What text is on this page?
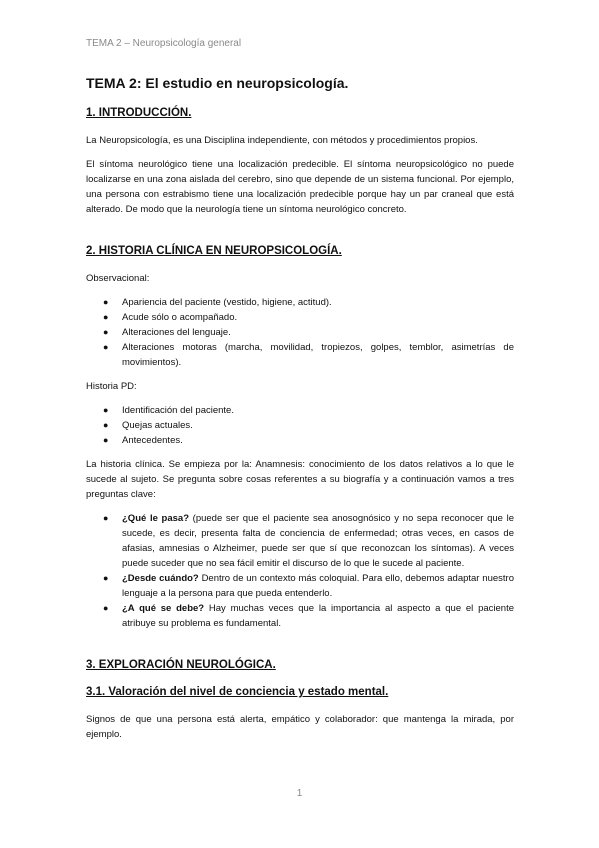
TEMA 2 – Neuropsicología general
TEMA 2: El estudio en neuropsicología.
1. INTRODUCCIÓN.

La Neuropsicología, es una Disciplina independiente, con métodos y procedimientos propios.

El síntoma neurológico tiene una localización predecible. El síntoma neuropsicológico no puede localizarse en una zona aislada del cerebro, sino que depende de un sistema funcional. Por ejemplo, una persona con estrabismo tiene una localización predecible porque hay un par craneal que está alterado. De modo que la neurología tiene un síntoma neurológico concreto.

2. HISTORIA CLÍNICA EN NEUROPSICOLOGÍA.

Observacional:

● Apariencia del paciente (vestido, higiene, actitud).
● Acude sólo o acompañado.
● Alteraciones del lenguaje.
● Alteraciones motoras (marcha, movilidad, tropiezos, golpes, temblor, asimetrías de movimientos).

Historia PD:

● Identificación del paciente.
● Quejas actuales.
● Antecedentes.

La historia clínica. Se empieza por la: Anamnesis: conocimiento de los datos relativos a lo que le sucede al sujeto. Se pregunta sobre cosas referentes a su biografía y a continuación vamos a tres preguntas clave:

● ¿Qué le pasa? (puede ser que el paciente sea anosognósico y no sepa reconocer que le sucede, es decir, presenta falta de conciencia de enfermedad; otras veces, en casos de afasias, amnesias o Alzheimer, puede ser que sí que reconozcan los síntomas). A veces puede suceder que no sea fácil emitir el discurso de lo que le sucede al paciente.
● ¿Desde cuándo? Dentro de un contexto más coloquial. Para ello, debemos adaptar nuestro lenguaje a la persona para que pueda entenderlo.
● ¿A qué se debe? Hay muchas veces que la importancia al aspecto a que el paciente atribuye su problema es fundamental.
3. EXPLORACIÓN NEUROLÓGICA.
3.1. Valoración del nivel de conciencia y estado mental.

Signos de que una persona está alerta, empático y colaborador: que mantenga la mirada, por ejemplo.

1
